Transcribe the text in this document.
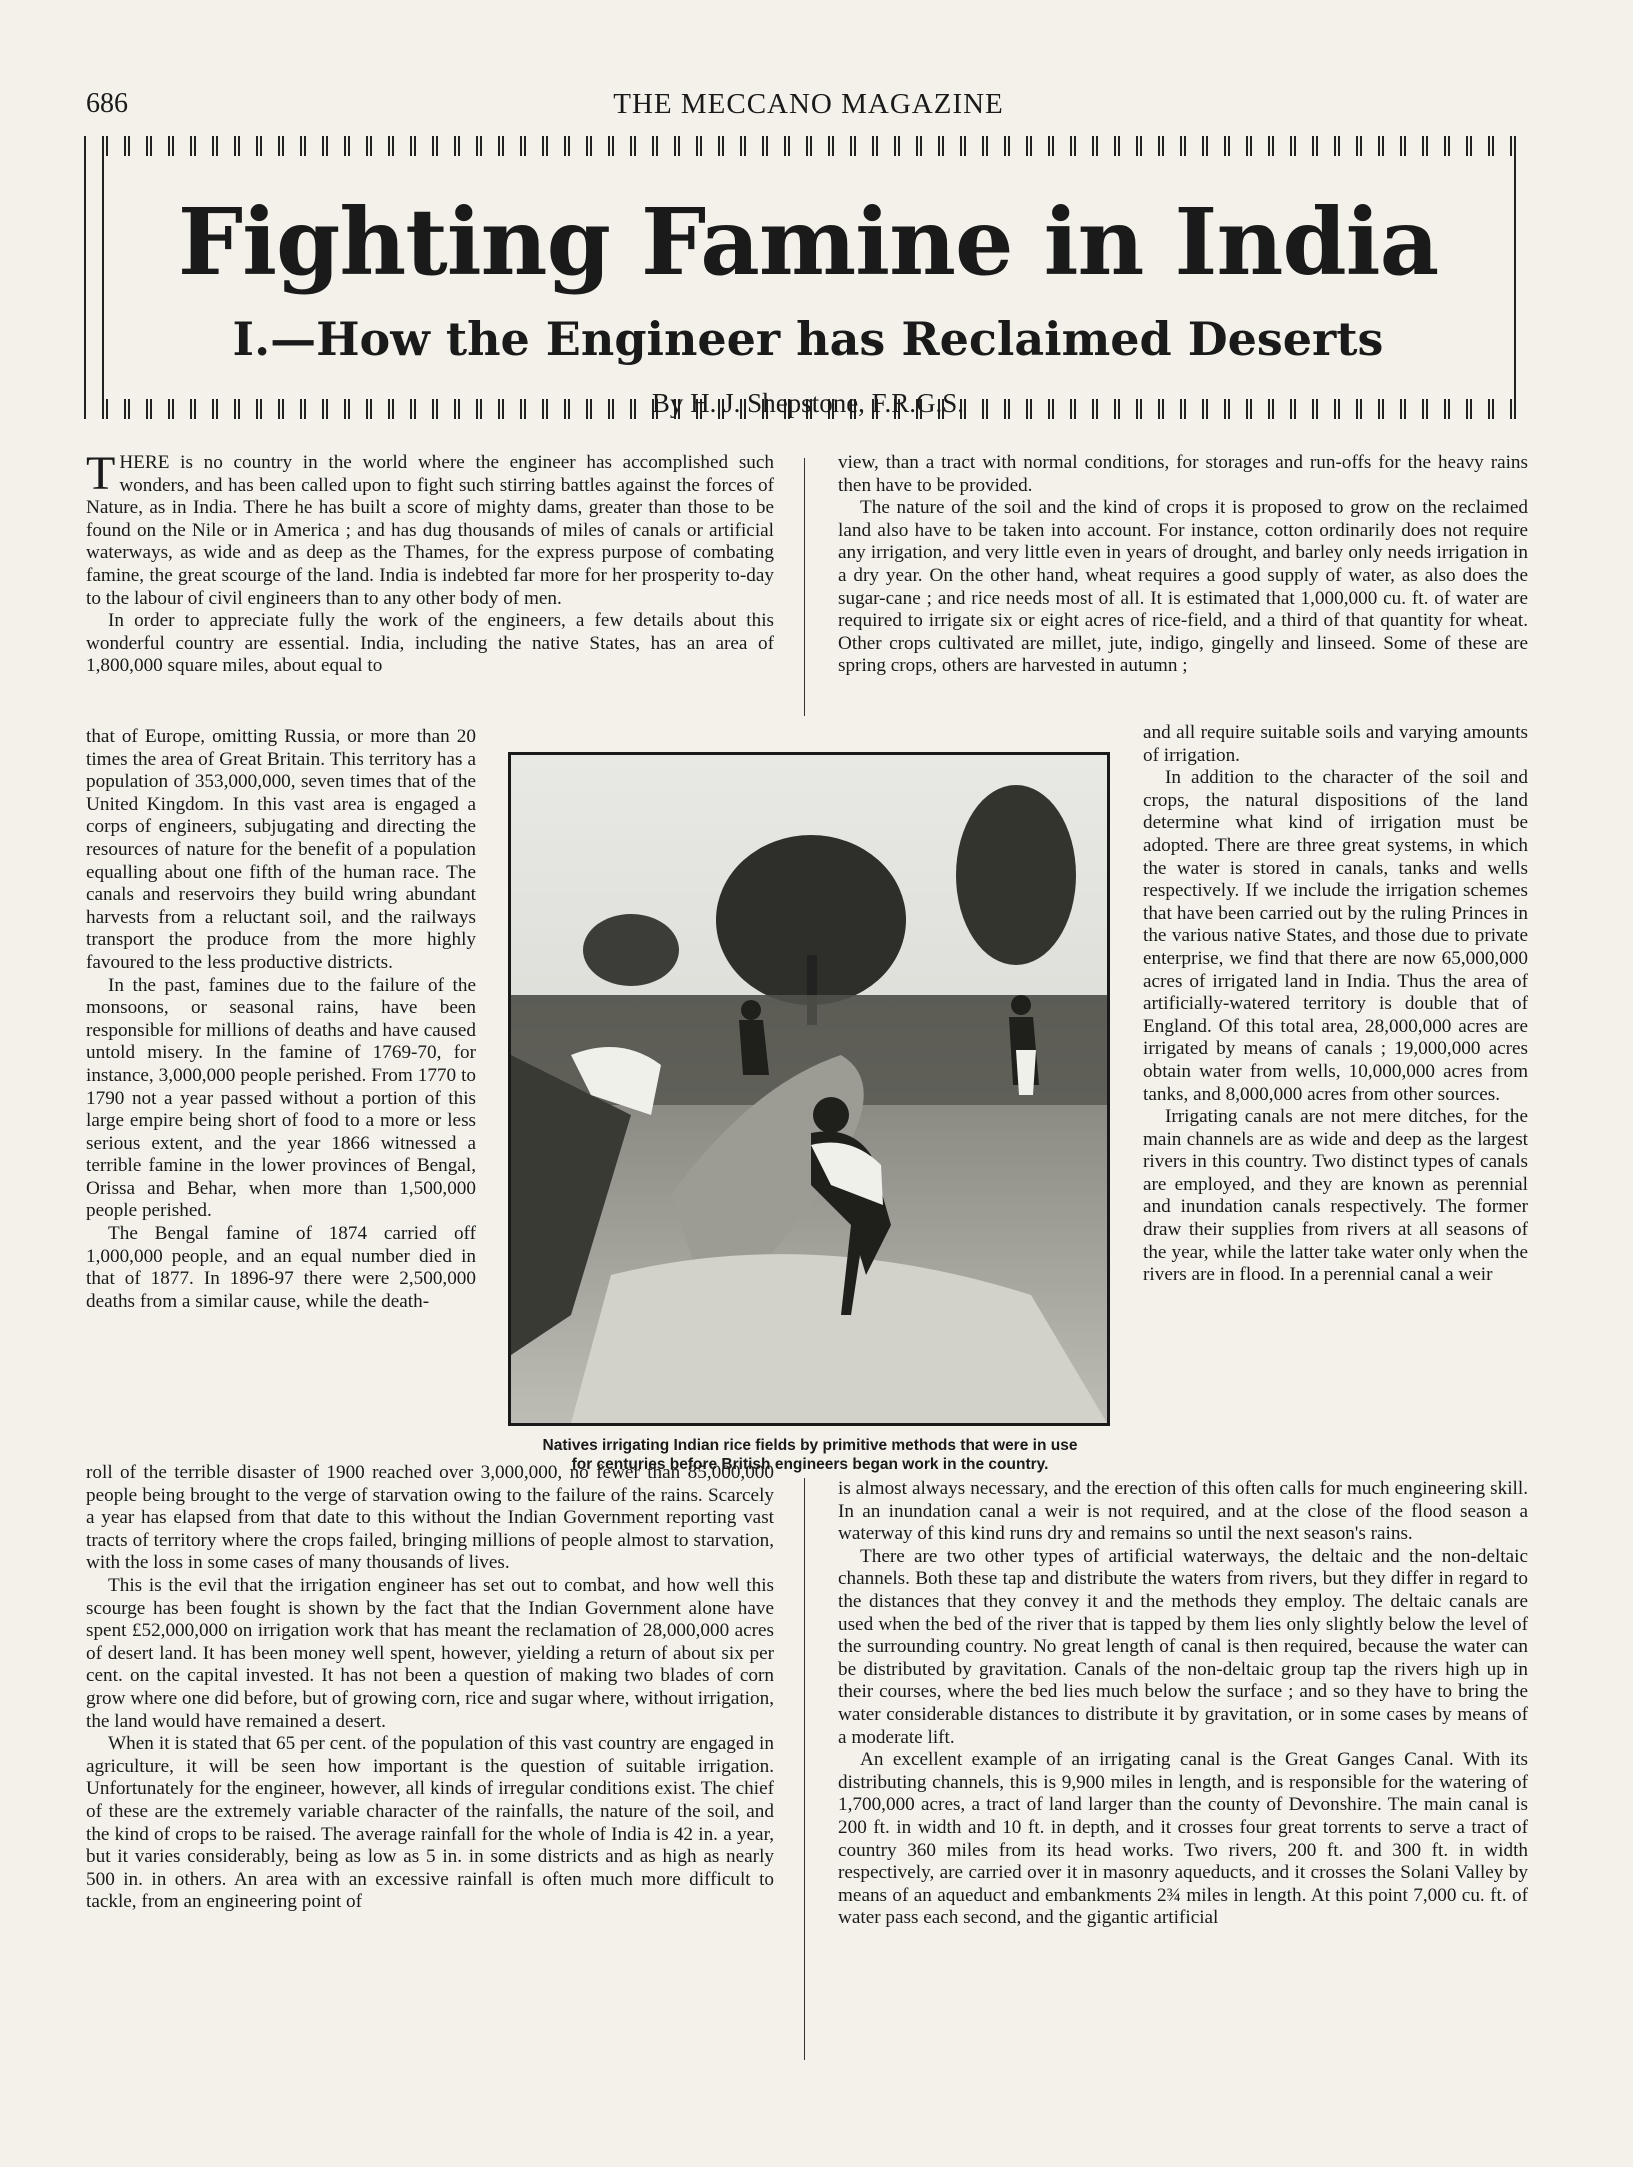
686	THE MECCANO MAGAZINE
Fighting Famine in India
I.—How the Engineer has Reclaimed Deserts
By H. J. Shepstone, F.R.G.S.

THERE is no country in the world where the engineer has accomplished such wonders, and has been called upon to fight such stirring battles against the forces of Nature, as in India. There he has built a score of mighty dams, greater than those to be found on the Nile or in America ; and has dug thousands of miles of canals or artificial waterways, as wide and as deep as the Thames, for the express purpose of combating famine, the great scourge of the land. India is indebted far more for her prosperity to-day to the labour of civil engineers than to any other body of men.

In order to appreciate fully the work of the engineers, a few details about this wonderful country are essential. India, including the native States, has an area of 1,800,000 square miles, about equal to

that of Europe, omitting Russia, or more than 20 times the area of Great Britain. This territory has a population of 353,000,000, seven times that of the United Kingdom. In this vast area is engaged a corps of engineers, subjugating and directing the resources of nature for the benefit of a population equalling about one fifth of the human race. The canals and reservoirs they build wring abundant harvests from a reluctant soil, and the railways transport the produce from the more highly favoured to the less productive districts.

In the past, famines due to the failure of the monsoons, or seasonal rains, have been responsible for millions of deaths and have caused untold misery. In the famine of 1769-70, for instance, 3,000,000 people perished. From 1770 to 1790 not a year passed without a portion of this large empire being short of food to a more or less serious extent, and the year 1866 witnessed a terrible famine in the lower provinces of Bengal, Orissa and Behar, when more than 1,500,000 people perished.

The Bengal famine of 1874 carried off 1,000,000 people, and an equal number died in that of 1877. In 1896-97 there were 2,500,000 deaths from a similar cause, while the death-

view, than a tract with normal conditions, for storages and run-offs for the heavy rains then have to be provided.

The nature of the soil and the kind of crops it is proposed to grow on the reclaimed land also have to be taken into account. For instance, cotton ordinarily does not require any irrigation, and very little even in years of drought, and barley only needs irrigation in a dry year. On the other hand, wheat requires a good supply of water, as also does the sugar-cane ; and rice needs most of all. It is estimated that 1,000,000 cu. ft. of water are required to irrigate six or eight acres of rice-field, and a third of that quantity for wheat. Other crops cultivated are millet, jute, indigo, gingelly and linseed. Some of these are spring crops, others are harvested in autumn ;

and all require suitable soils and varying amounts of irrigation.

In addition to the character of the soil and crops, the natural dispositions of the land determine what kind of irrigation must be adopted. There are three great systems, in which the water is stored in canals, tanks and wells respectively. If we include the irrigation schemes that have been carried out by the ruling Princes in the various native States, and those due to private enterprise, we find that there are now 65,000,000 acres of irrigated land in India. Thus the area of artificially-watered territory is double that of England. Of this total area, 28,000,000 acres are irrigated by means of canals ; 19,000,000 acres obtain water from wells, 10,000,000 acres from tanks, and 8,000,000 acres from other sources.

Irrigating canals are not mere ditches, for the main channels are as wide and deep as the largest rivers in this country. Two distinct types of canals are employed, and they are known as perennial and inundation canals respectively. The former draw their supplies from rivers at all seasons of the year, while the latter take water only when the rivers are in flood. In a perennial canal a weir

Natives irrigating Indian rice fields by primitive methods that were in use
for centuries before British engineers began work in the country.

roll of the terrible disaster of 1900 reached over 3,000,000, no fewer than 85,000,000 people being brought to the verge of starvation owing to the failure of the rains. Scarcely a year has elapsed from that date to this without the Indian Government reporting vast tracts of territory where the crops failed, bringing millions of people almost to starvation, with the loss in some cases of many thousands of lives.

This is the evil that the irrigation engineer has set out to combat, and how well this scourge has been fought is shown by the fact that the Indian Government alone have spent £52,000,000 on irrigation work that has meant the reclamation of 28,000,000 acres of desert land. It has been money well spent, however, yielding a return of about six per cent. on the capital invested. It has not been a question of making two blades of corn grow where one did before, but of growing corn, rice and sugar where, without irrigation, the land would have remained a desert.

When it is stated that 65 per cent. of the population of this vast country are engaged in agriculture, it will be seen how important is the question of suitable irrigation. Unfortunately for the engineer, however, all kinds of irregular conditions exist. The chief of these are the extremely variable character of the rainfalls, the nature of the soil, and the kind of crops to be raised. The average rainfall for the whole of India is 42 in. a year, but it varies considerably, being as low as 5 in. in some districts and as high as nearly 500 in. in others. An area with an excessive rainfall is often much more difficult to tackle, from an engineering point of

is almost always necessary, and the erection of this often calls for much engineering skill. In an inundation canal a weir is not required, and at the close of the flood season a waterway of this kind runs dry and remains so until the next season's rains.

There are two other types of artificial waterways, the deltaic and the non-deltaic channels. Both these tap and distribute the waters from rivers, but they differ in regard to the distances that they convey it and the methods they employ. The deltaic canals are used when the bed of the river that is tapped by them lies only slightly below the level of the surrounding country. No great length of canal is then required, because the water can be distributed by gravitation. Canals of the non-deltaic group tap the rivers high up in their courses, where the bed lies much below the surface ; and so they have to bring the water considerable distances to distribute it by gravitation, or in some cases by means of a moderate lift.

An excellent example of an irrigating canal is the Great Ganges Canal. With its distributing channels, this is 9,900 miles in length, and is responsible for the watering of 1,700,000 acres, a tract of land larger than the county of Devonshire. The main canal is 200 ft. in width and 10 ft. in depth, and it crosses four great torrents to serve a tract of country 360 miles from its head works. Two rivers, 200 ft. and 300 ft. in width respectively, are carried over it in masonry aqueducts, and it crosses the Solani Valley by means of an aqueduct and embankments 2¾ miles in length. At this point 7,000 cu. ft. of water pass each second, and the gigantic artificial
